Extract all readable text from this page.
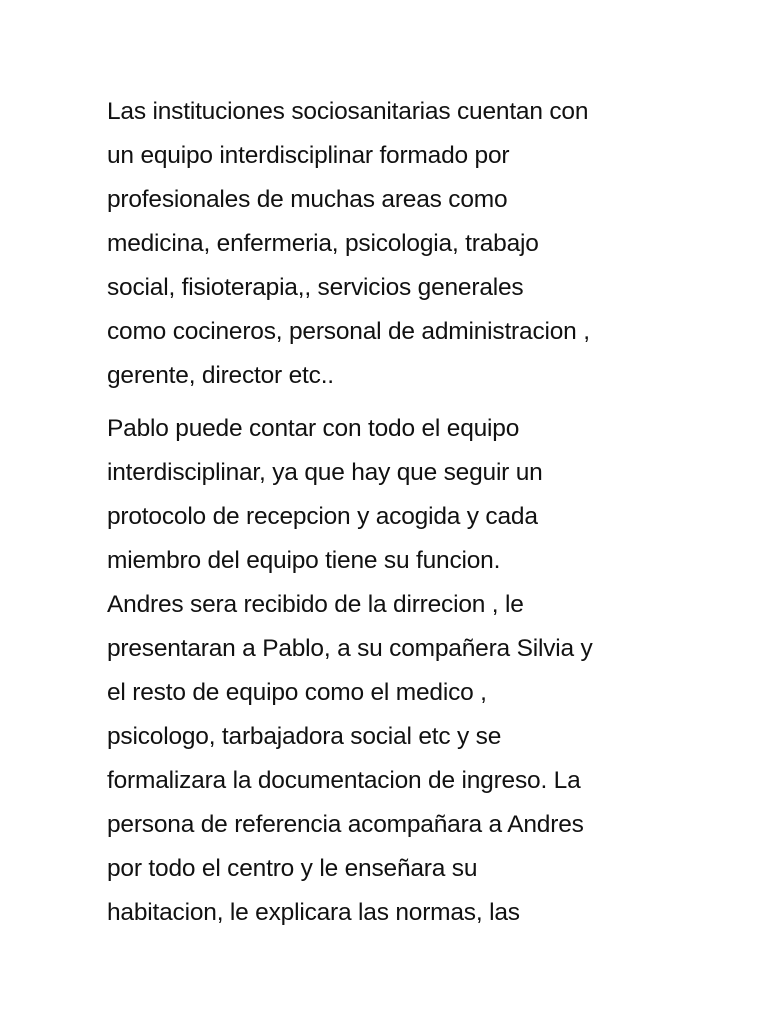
Las instituciones sociosanitarias cuentan con
un equipo interdisciplinar formado por
profesionales de muchas areas como
medicina, enfermeria, psicologia, trabajo
social, fisioterapia,, servicios generales
como cocineros, personal de administracion ,
gerente, director etc..

Pablo puede contar con todo el equipo
interdisciplinar, ya que hay que seguir un
protocolo de recepcion y acogida y cada
miembro del equipo tiene su funcion.
Andres sera recibido de la dirrecion , le
presentaran a Pablo, a su compañera Silvia y
el resto de equipo como el medico ,
psicologo, tarbajadora social etc y se
formalizara la documentacion de ingreso. La
persona de referencia acompañara a Andres
por todo el centro y le enseñara su
habitacion, le explicara las normas, las
